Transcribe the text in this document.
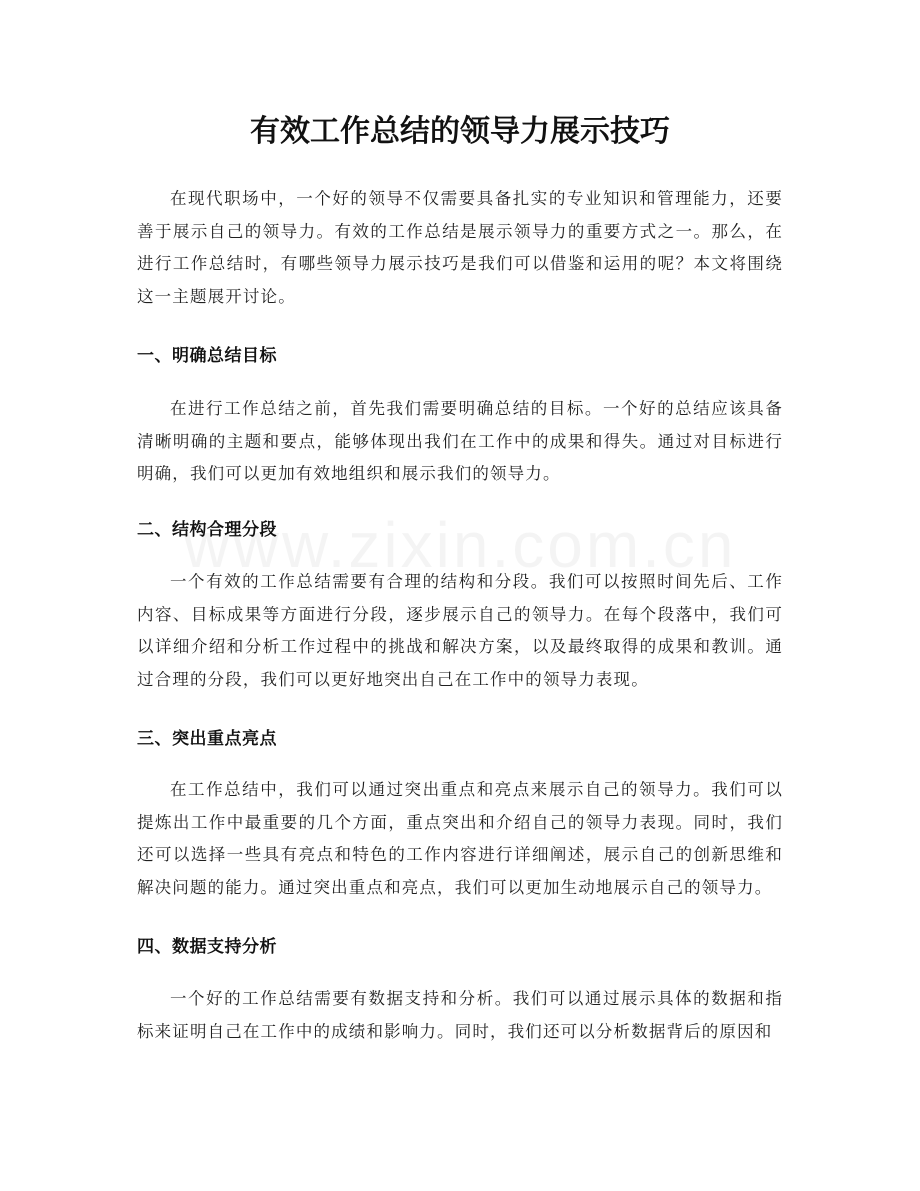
有效工作总结的领导力展示技巧

在现代职场中，一个好的领导不仅需要具备扎实的专业知识和管理能力，还要善于展示自己的领导力。有效的工作总结是展示领导力的重要方式之一。那么，在进行工作总结时，有哪些领导力展示技巧是我们可以借鉴和运用的呢？本文将围绕这一主题展开讨论。

一、明确总结目标

在进行工作总结之前，首先我们需要明确总结的目标。一个好的总结应该具备清晰明确的主题和要点，能够体现出我们在工作中的成果和得失。通过对目标进行明确，我们可以更加有效地组织和展示我们的领导力。

二、结构合理分段

一个有效的工作总结需要有合理的结构和分段。我们可以按照时间先后、工作内容、目标成果等方面进行分段，逐步展示自己的领导力。在每个段落中，我们可以详细介绍和分析工作过程中的挑战和解决方案，以及最终取得的成果和教训。通过合理的分段，我们可以更好地突出自己在工作中的领导力表现。

三、突出重点亮点

在工作总结中，我们可以通过突出重点和亮点来展示自己的领导力。我们可以提炼出工作中最重要的几个方面，重点突出和介绍自己的领导力表现。同时，我们还可以选择一些具有亮点和特色的工作内容进行详细阐述，展示自己的创新思维和解决问题的能力。通过突出重点和亮点，我们可以更加生动地展示自己的领导力。

四、数据支持分析

一个好的工作总结需要有数据支持和分析。我们可以通过展示具体的数据和指标来证明自己在工作中的成绩和影响力。同时，我们还可以分析数据背后的原因和
